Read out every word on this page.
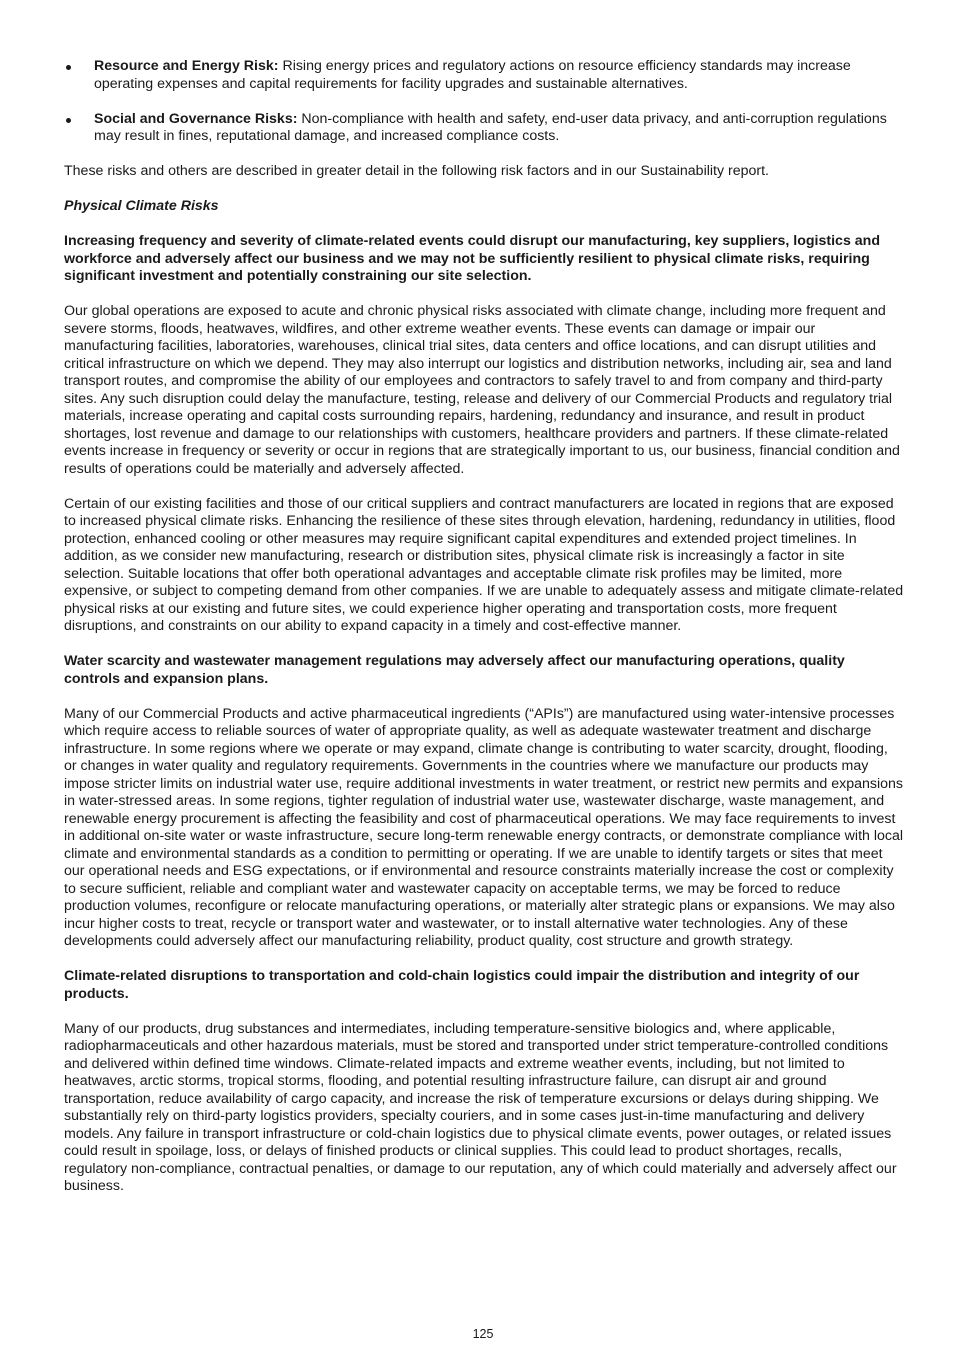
Resource and Energy Risk: Rising energy prices and regulatory actions on resource efficiency standards may increase operating expenses and capital requirements for facility upgrades and sustainable alternatives.
Social and Governance Risks: Non-compliance with health and safety, end-user data privacy, and anti-corruption regulations may result in fines, reputational damage, and increased compliance costs.

These risks and others are described in greater detail in the following risk factors and in our Sustainability report.

Physical Climate Risks

Increasing frequency and severity of climate-related events could disrupt our manufacturing, key suppliers, logistics and workforce and adversely affect our business and we may not be sufficiently resilient to physical climate risks, requiring significant investment and potentially constraining our site selection.

Our global operations are exposed to acute and chronic physical risks associated with climate change, including more frequent and severe storms, floods, heatwaves, wildfires, and other extreme weather events. These events can damage or impair our manufacturing facilities, laboratories, warehouses, clinical trial sites, data centers and office locations, and can disrupt utilities and critical infrastructure on which we depend. They may also interrupt our logistics and distribution networks, including air, sea and land transport routes, and compromise the ability of our employees and contractors to safely travel to and from company and third-party sites. Any such disruption could delay the manufacture, testing, release and delivery of our Commercial Products and regulatory trial materials, increase operating and capital costs surrounding repairs, hardening, redundancy and insurance, and result in product shortages, lost revenue and damage to our relationships with customers, healthcare providers and partners. If these climate-related events increase in frequency or severity or occur in regions that are strategically important to us, our business, financial condition and results of operations could be materially and adversely affected.

Certain of our existing facilities and those of our critical suppliers and contract manufacturers are located in regions that are exposed to increased physical climate risks. Enhancing the resilience of these sites through elevation, hardening, redundancy in utilities, flood protection, enhanced cooling or other measures may require significant capital expenditures and extended project timelines. In addition, as we consider new manufacturing, research or distribution sites, physical climate risk is increasingly a factor in site selection. Suitable locations that offer both operational advantages and acceptable climate risk profiles may be limited, more expensive, or subject to competing demand from other companies. If we are unable to adequately assess and mitigate climate-related physical risks at our existing and future sites, we could experience higher operating and transportation costs, more frequent disruptions, and constraints on our ability to expand capacity in a timely and cost-effective manner.

Water scarcity and wastewater management regulations may adversely affect our manufacturing operations, quality controls and expansion plans.

Many of our Commercial Products and active pharmaceutical ingredients (“APIs”) are manufactured using water-intensive processes which require access to reliable sources of water of appropriate quality, as well as adequate wastewater treatment and discharge infrastructure. In some regions where we operate or may expand, climate change is contributing to water scarcity, drought, flooding, or changes in water quality and regulatory requirements. Governments in the countries where we manufacture our products may impose stricter limits on industrial water use, require additional investments in water treatment, or restrict new permits and expansions in water-stressed areas. In some regions, tighter regulation of industrial water use, wastewater discharge, waste management, and renewable energy procurement is affecting the feasibility and cost of pharmaceutical operations. We may face requirements to invest in additional on-site water or waste infrastructure, secure long-term renewable energy contracts, or demonstrate compliance with local climate and environmental standards as a condition to permitting or operating. If we are unable to identify targets or sites that meet our operational needs and ESG expectations, or if environmental and resource constraints materially increase the cost or complexity to secure sufficient, reliable and compliant water and wastewater capacity on acceptable terms, we may be forced to reduce production volumes, reconfigure or relocate manufacturing operations, or materially alter strategic plans or expansions. We may also incur higher costs to treat, recycle or transport water and wastewater, or to install alternative water technologies. Any of these developments could adversely affect our manufacturing reliability, product quality, cost structure and growth strategy.

Climate-related disruptions to transportation and cold-chain logistics could impair the distribution and integrity of our products.

Many of our products, drug substances and intermediates, including temperature-sensitive biologics and, where applicable, radiopharmaceuticals and other hazardous materials, must be stored and transported under strict temperature-controlled conditions and delivered within defined time windows. Climate-related impacts and extreme weather events, including, but not limited to heatwaves, arctic storms, tropical storms, flooding, and potential resulting infrastructure failure, can disrupt air and ground transportation, reduce availability of cargo capacity, and increase the risk of temperature excursions or delays during shipping. We substantially rely on third-party logistics providers, specialty couriers, and in some cases just-in-time manufacturing and delivery models. Any failure in transport infrastructure or cold-chain logistics due to physical climate events, power outages, or related issues could result in spoilage, loss, or delays of finished products or clinical supplies. This could lead to product shortages, recalls, regulatory non-compliance, contractual penalties, or damage to our reputation, any of which could materially and adversely affect our business.

125
